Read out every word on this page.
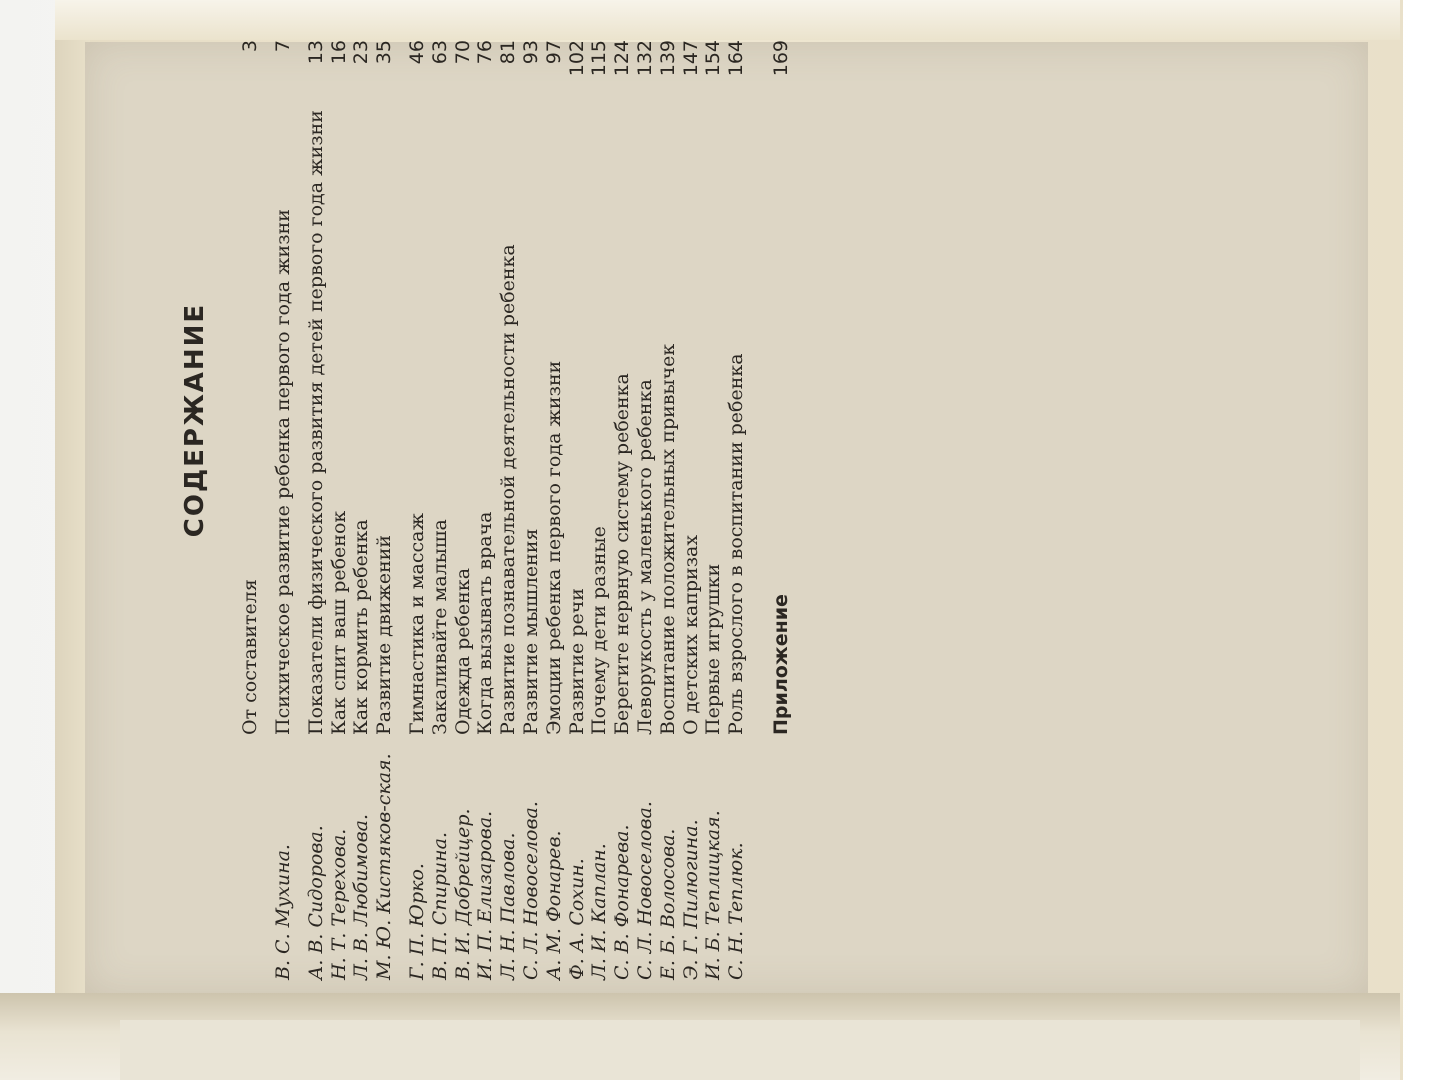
СОДЕРЖАНИЕ
От составителя
3
В. С. Мухина.
Психическое развитие ребенка первого года жизни
7
А. В. Сидорова.
Показатели физического развития детей первого года жизни
13
Н. Т. Терехова.
Как спит ваш ребенок
16
Л. В. Любимова.
Как кормить ребенка
23
М. Ю. Кистяков-ская.
Развитие движений
35
Г. П. Юрко.
Гимнастика и массаж
46
В. П. Спирина.
Закаливайте малыша
63
В. И. Добрейцер.
Одежда ребенка
70
И. П. Елизарова.
Когда вызывать врача
76
Л. Н. Павлова.
Развитие познавательной деятельности ребенка
81
С. Л. Новоселова.
Развитие мышления
93
А. М. Фонарев.
Эмоции ребенка первого года жизни
97
Ф. А. Сохин.
Развитие речи
102
Л. И. Каплан.
Почему дети разные
115
С. В. Фонарева.
Берегите нервную систему ребенка
124
С. Л. Новоселова.
Леворукость у маленького ребенка
132
Е. Б. Волосова.
Воспитание положительных привычек
139
Э. Г. Пилюгина.
О детских капризах
147
И. Б. Теплицкая.
Первые игрушки
154
С. Н. Теплюк.
Роль взрослого в воспитании ребенка
164
Приложение
169
